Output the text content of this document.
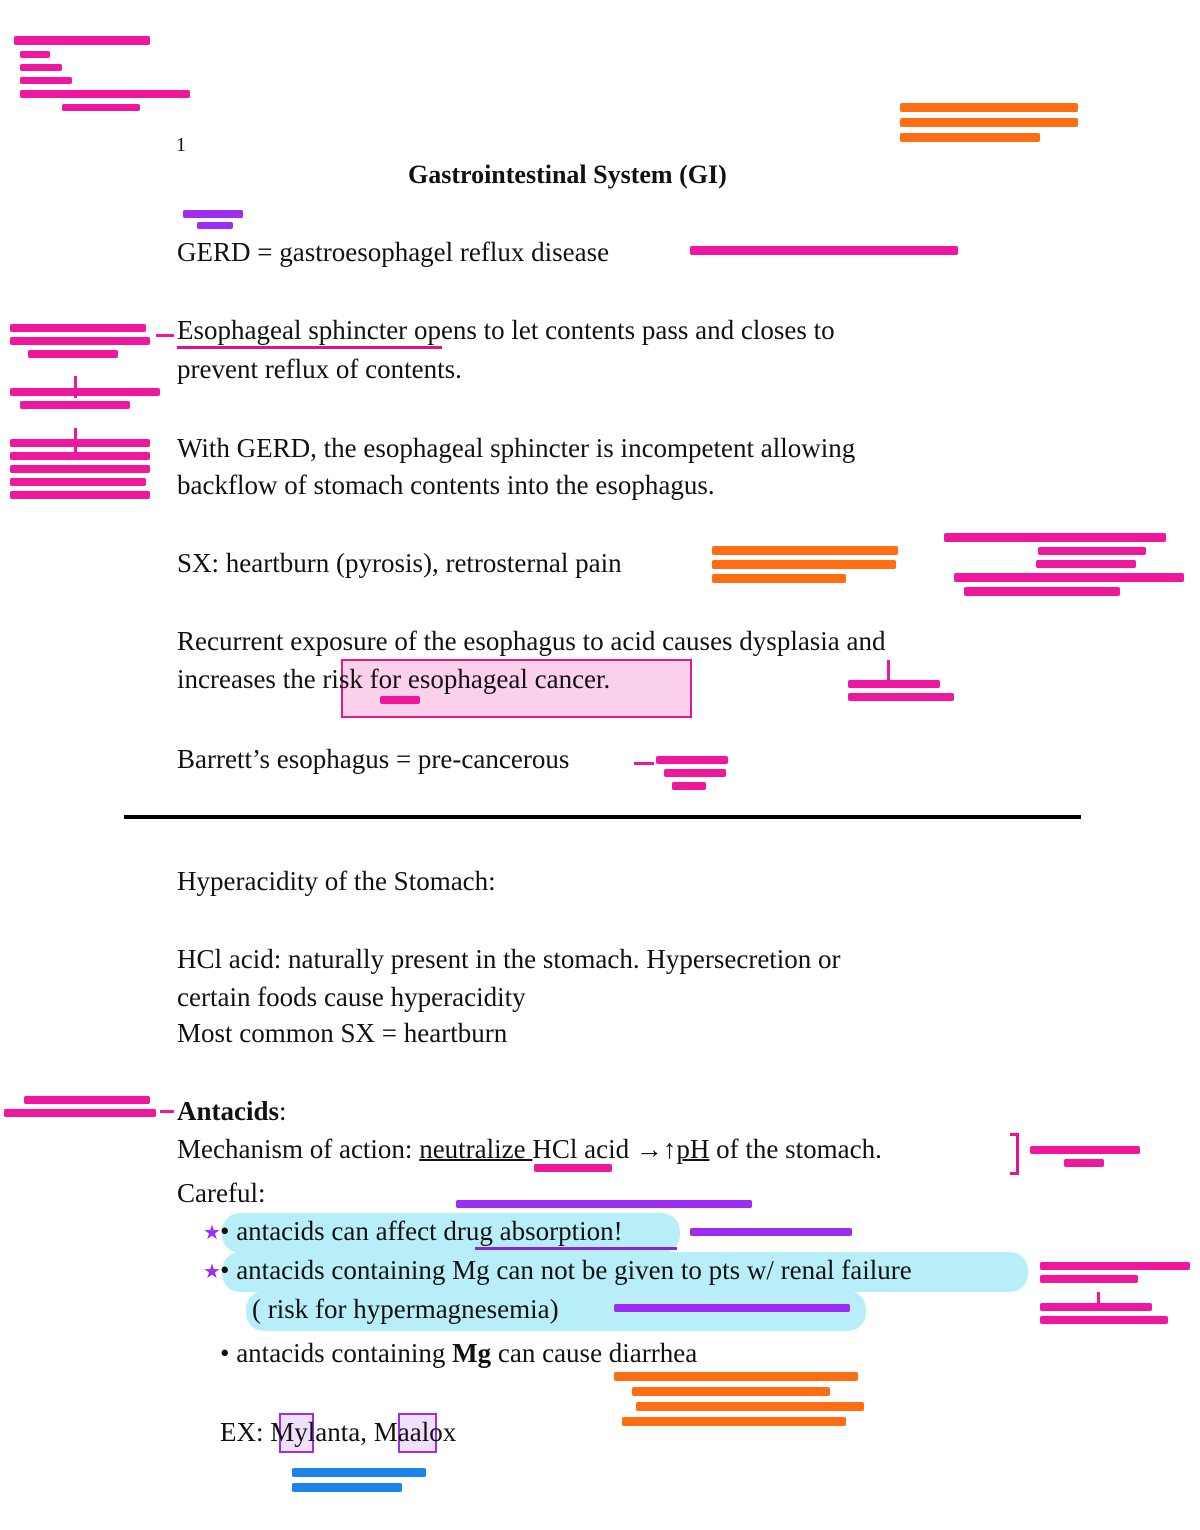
1
Gastrointestinal System (GI)
GERD = gastroesophagel reflux disease
Esophageal sphincter opens to let contents pass and closes to
prevent reflux of contents.
With GERD, the esophageal sphincter is incompetent allowing
backflow of stomach contents into the esophagus.
SX: heartburn (pyrosis), retrosternal pain
Recurrent exposure of the esophagus to acid causes dysplasia and
increases the risk for esophageal cancer.
Barrett’s esophagus = pre-cancerous
Hyperacidity of the Stomach:
HCl acid: naturally present in the stomach. Hypersecretion or
certain foods cause hyperacidity
Most common SX = heartburn
Antacids:
Mechanism of action: neutralize HCl acid →↑pH of the stomach.
Careful:
★
★
• antacids can affect drug absorption!
• antacids containing Mg can not be given to pts w/ renal failure
( risk for hypermagnesemia)
• antacids containing Mg can cause diarrhea
EX: Mylanta, Maalox
